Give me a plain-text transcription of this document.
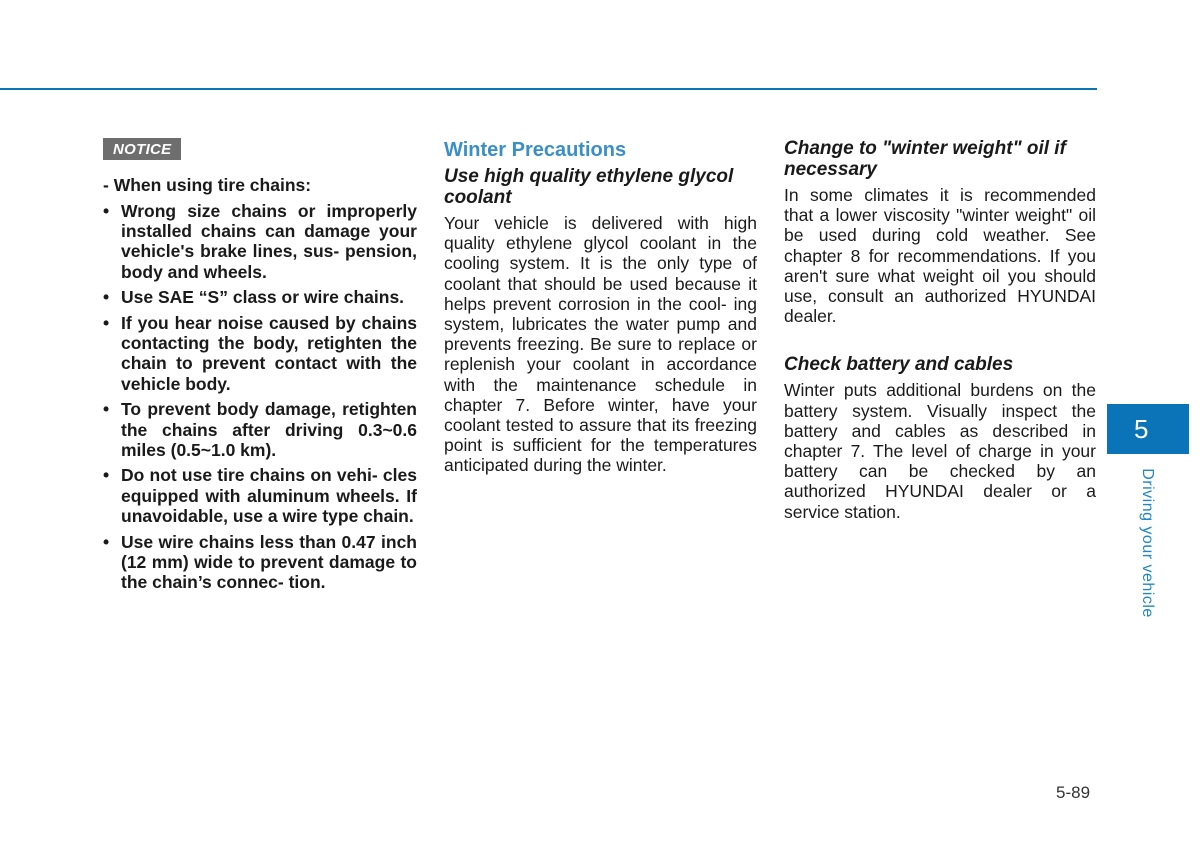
NOTICE
- When using tire chains:
• Wrong size chains or improperly installed chains can damage your vehicle's brake lines, sus- pension, body and wheels.
• Use SAE “S” class or wire chains.
• If you hear noise caused by chains contacting the body, retighten the chain to prevent contact with the vehicle body.
• To prevent body damage, retighten the chains after driving 0.3~0.6 miles (0.5~1.0 km).
• Do not use tire chains on vehi- cles equipped with aluminum wheels. If unavoidable, use a wire type chain.
• Use wire chains less than 0.47 inch (12 mm) wide to prevent damage to the chain’s connec- tion.
Winter Precautions
Use high quality ethylene glycol coolant

Your vehicle is delivered with high quality ethylene glycol coolant in the cooling system. It is the only type of coolant that should be used because it helps prevent corrosion in the cool- ing system, lubricates the water pump and prevents freezing. Be sure to replace or replenish your coolant in accordance with the maintenance schedule in chapter 7. Before winter, have your coolant tested to assure that its freezing point is sufficient for the temperatures anticipated during the winter.

Change to "winter weight" oil if necessary

In some climates it is recommended that a lower viscosity "winter weight" oil be used during cold weather. See chapter 8 for recommendations. If you aren't sure what weight oil you should use, consult an authorized HYUNDAI dealer.

Check battery and cables

Winter puts additional burdens on the battery system. Visually inspect the battery and cables as described in chapter 7. The level of charge in your battery can be checked by an authorized HYUNDAI dealer or a service station.

5
Driving your vehicle
5-89
